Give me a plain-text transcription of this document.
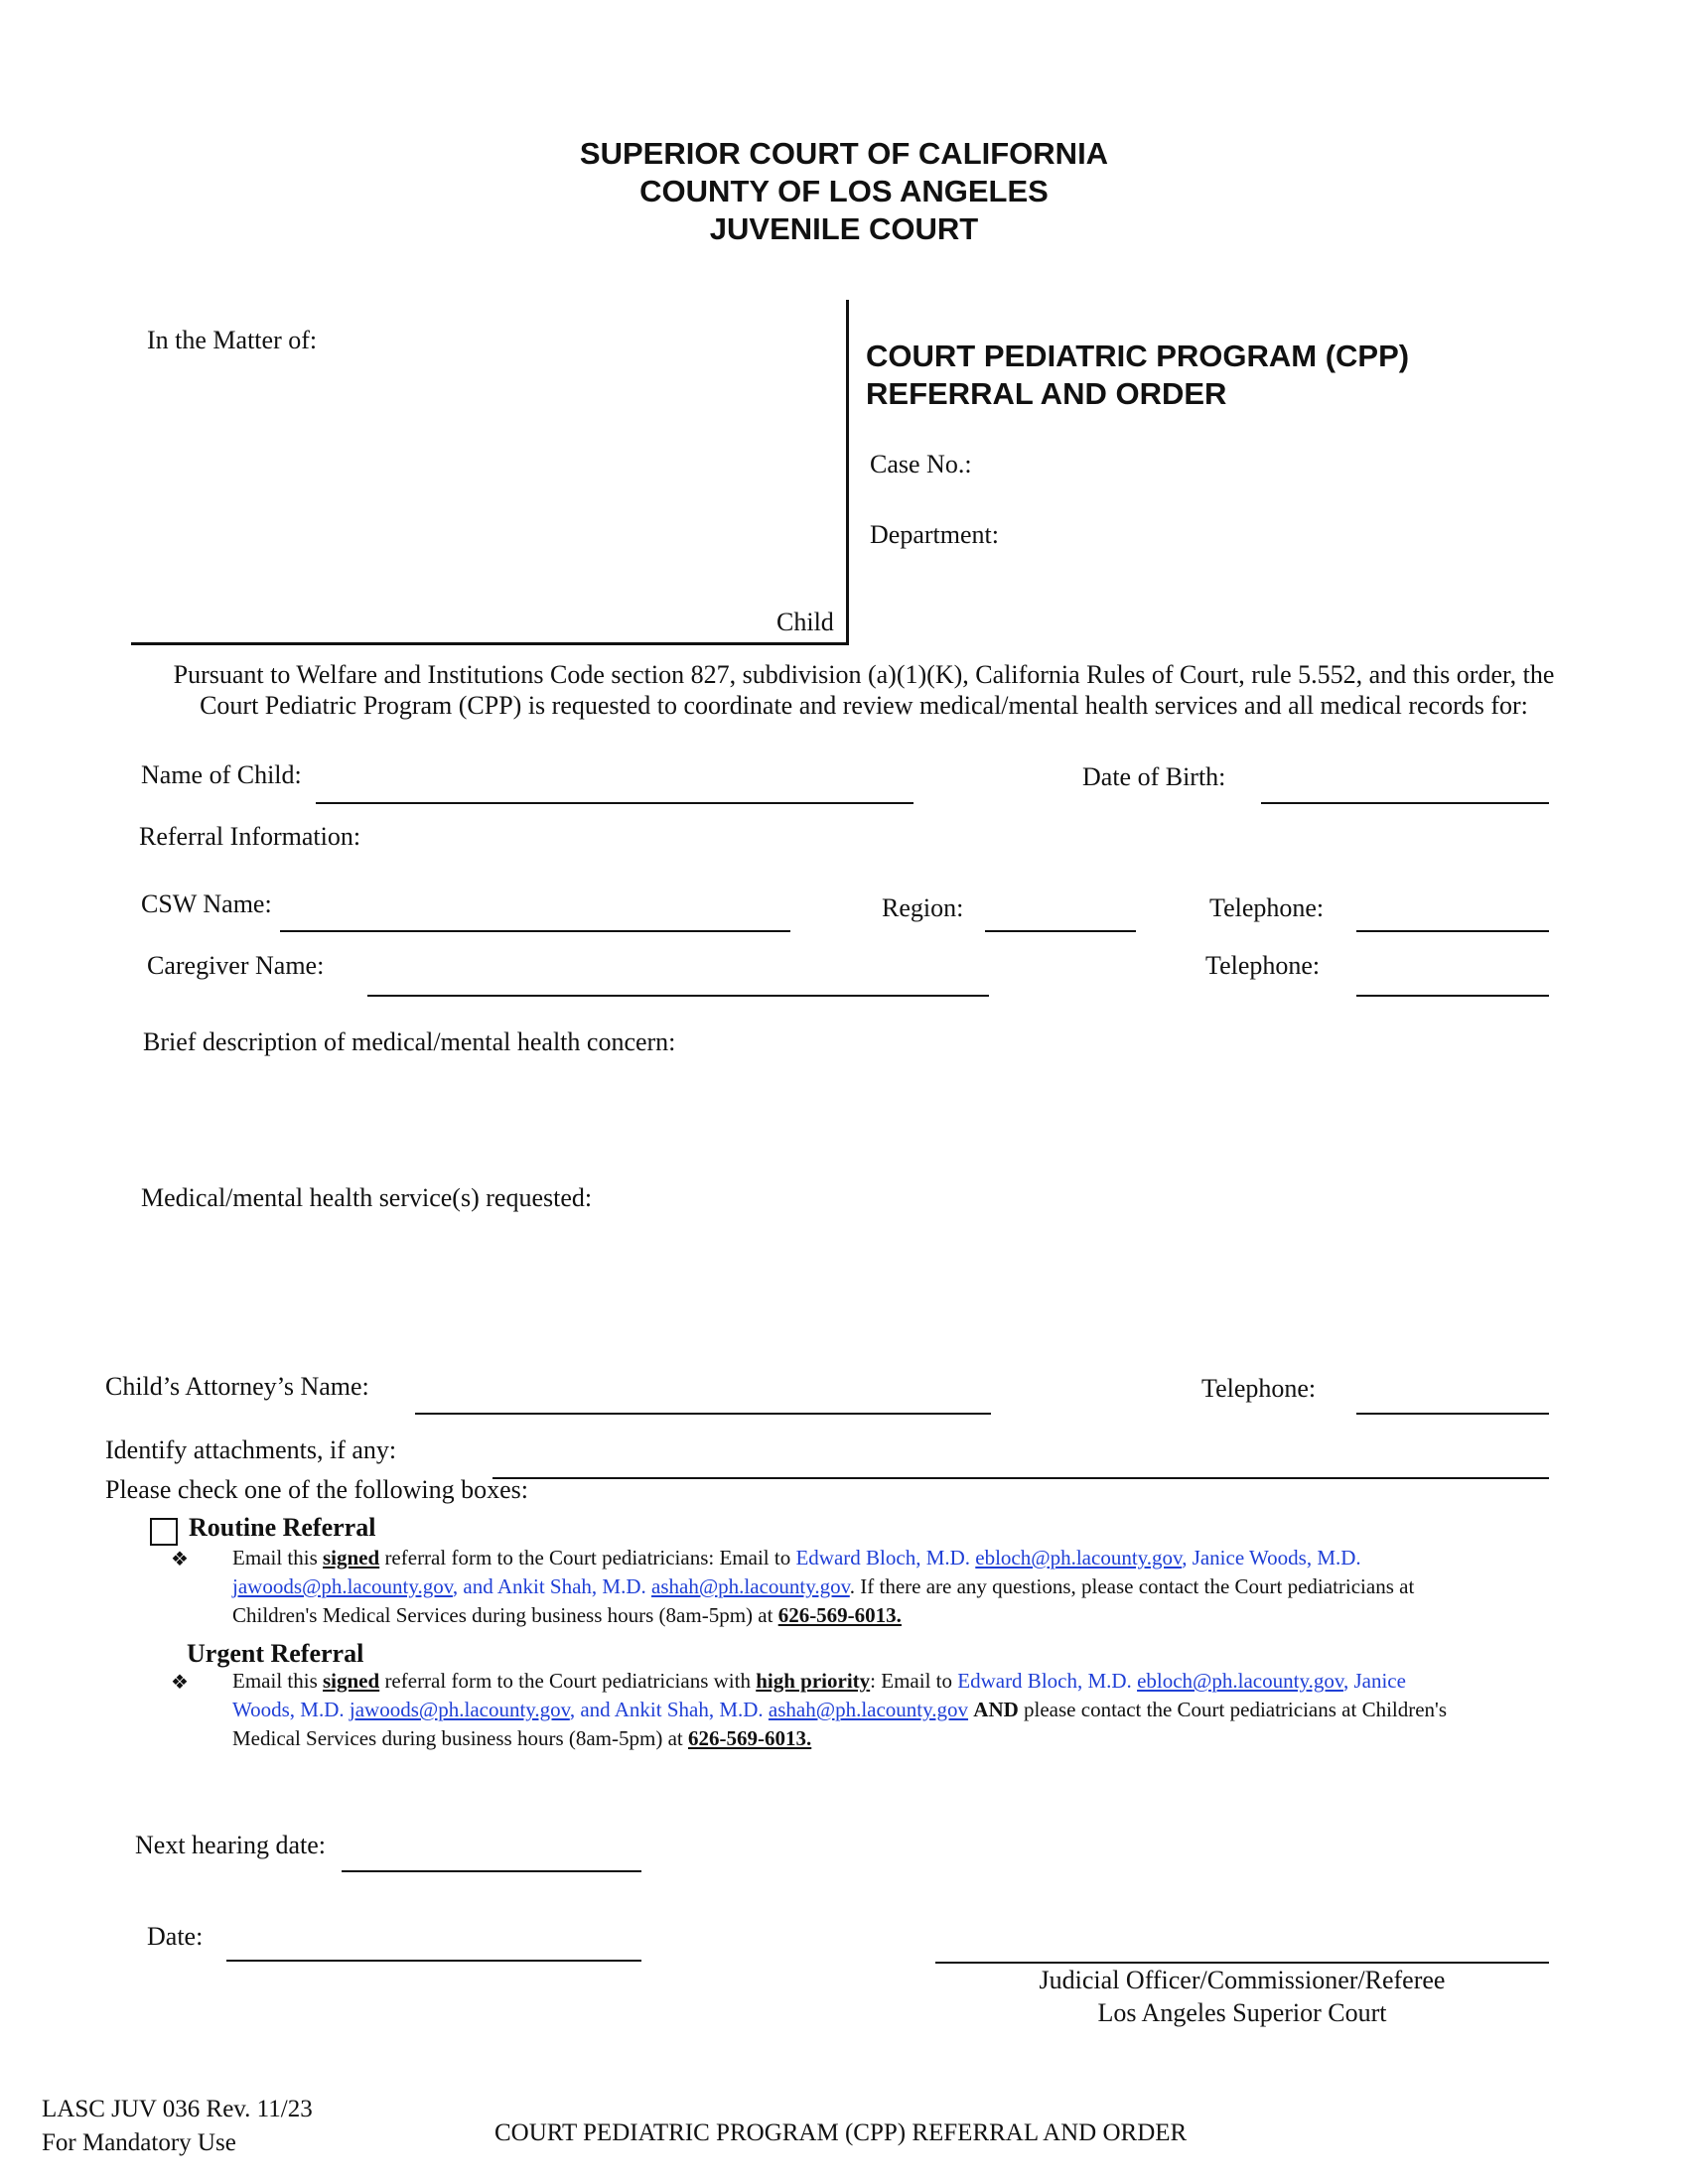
SUPERIOR COURT OF CALIFORNIA
COUNTY OF LOS ANGELES
JUVENILE COURT
In the Matter of:
Child
COURT PEDIATRIC PROGRAM (CPP)
REFERRAL AND ORDER
Case No.:
Department:
Pursuant to Welfare and Institutions Code section 827, subdivision (a)(1)(K), California Rules of Court, rule 5.552, and this order, the
Court Pediatric Program (CPP) is requested to coordinate and review medical/mental health services and all medical records for:
Name of Child:	Date of Birth:
Referral Information:
CSW Name:	Region:	Telephone:
Caregiver Name:	Telephone:
Brief description of medical/mental health concern:
Medical/mental health service(s) requested:
Child’s Attorney’s Name:	Telephone:
Identify attachments, if any:
Please check one of the following boxes:
Routine Referral
❖ Email this signed referral form to the Court pediatricians: Email to Edward Bloch, M.D. ebloch@ph.lacounty.gov, Janice Woods, M.D.
jawoods@ph.lacounty.gov, and Ankit Shah, M.D. ashah@ph.lacounty.gov. If there are any questions, please contact the Court pediatricians at
Children's Medical Services during business hours (8am-5pm) at 626-569-6013.
Urgent Referral
❖ Email this signed referral form to the Court pediatricians with high priority: Email to Edward Bloch, M.D. ebloch@ph.lacounty.gov, Janice
Woods, M.D. jawoods@ph.lacounty.gov, and Ankit Shah, M.D. ashah@ph.lacounty.gov AND please contact the Court pediatricians at Children's
Medical Services during business hours (8am-5pm) at 626-569-6013.
Next hearing date:
Date:
Judicial Officer/Commissioner/Referee
Los Angeles Superior Court
LASC JUV 036 Rev. 11/23
For Mandatory Use	COURT PEDIATRIC PROGRAM (CPP) REFERRAL AND ORDER
